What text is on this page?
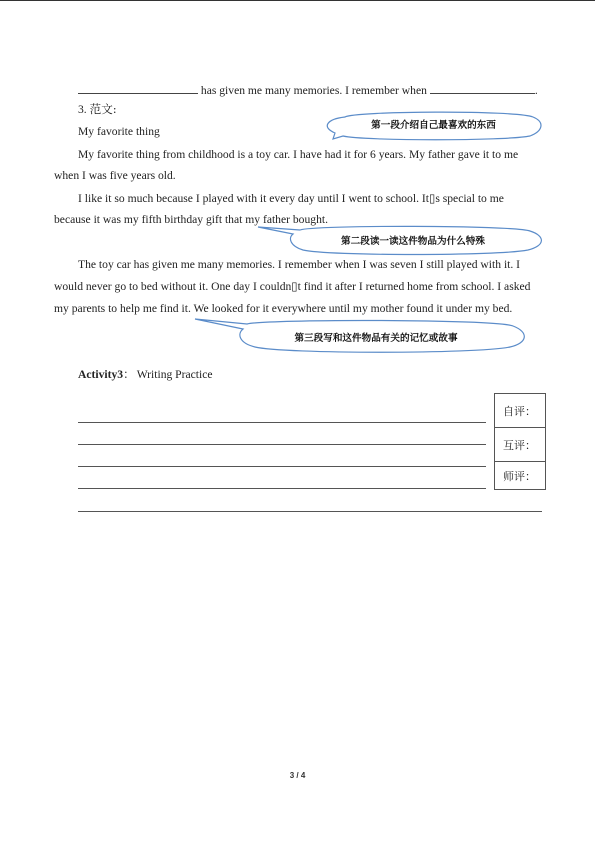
has given me many memories. I remember when	.
3. 范文:
My favorite thing
My favorite thing from childhood is a toy car. I have had it for 6 years. My father gave it to me
when I was five years old.
I like it so much because I played with it every day until I went to school. It▯s special to me
because it was my fifth birthday gift that my father bought.
The toy car has given me many memories. I remember when I was seven I still played with it. I
would never go to bed without it. One day I couldn▯t find it after I returned home from school. I asked
my parents to help me find it. We looked for it everywhere until my mother found it under my bed.
第一段介绍自己最喜欢的东西
第二段读一读这件物品为什么特殊
第三段写和这件物品有关的记忆或故事
Activity3： Writing Practice
自评：
互评：
师评：
3 / 4
